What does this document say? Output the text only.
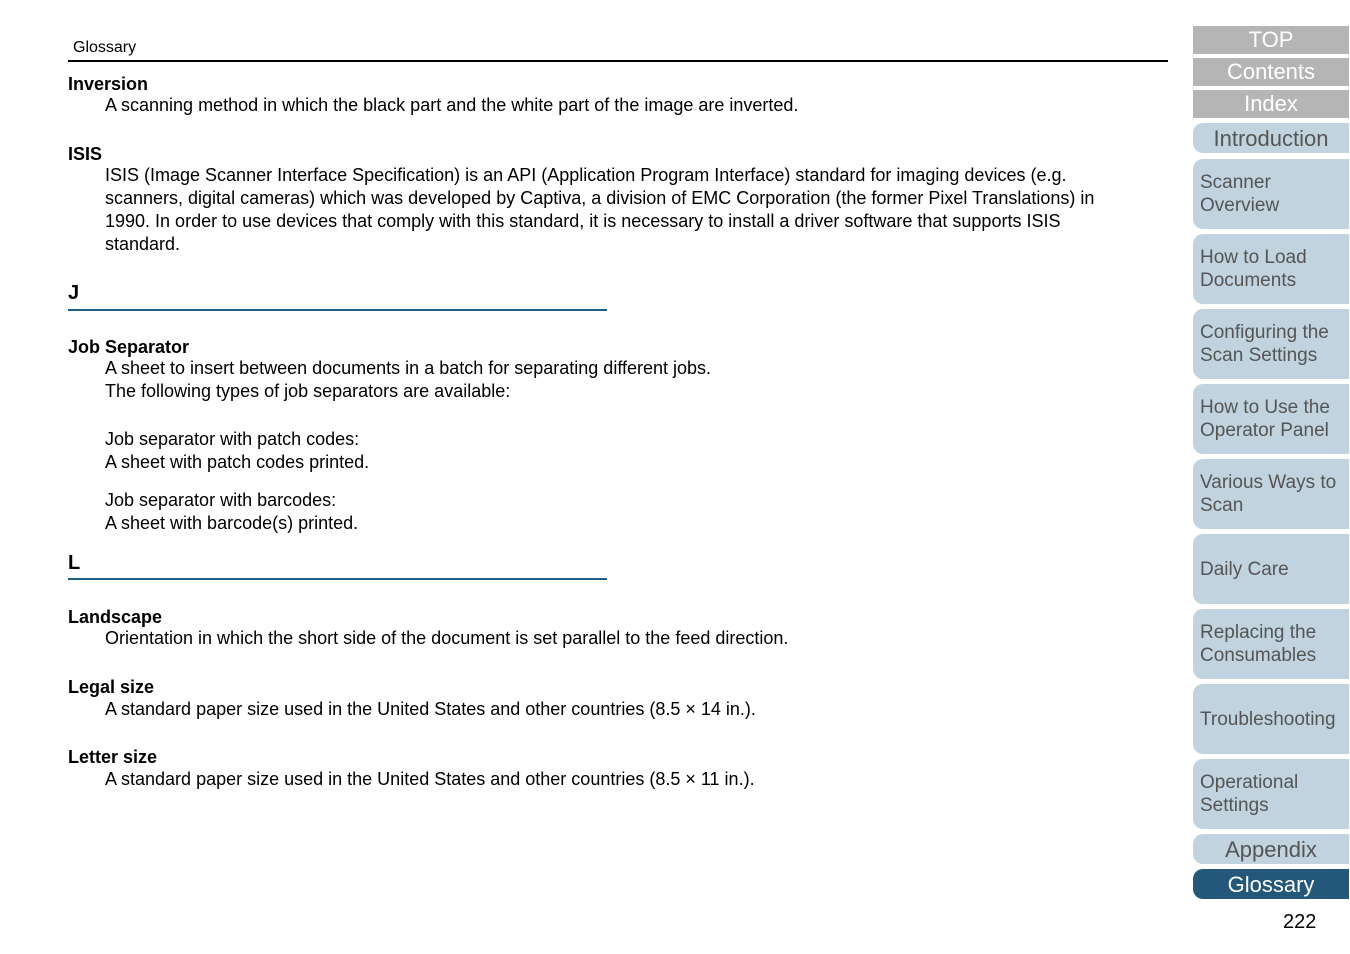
Glossary
Inversion
A scanning method in which the black part and the white part of the image are inverted.
ISIS
ISIS (Image Scanner Interface Specification) is an API (Application Program Interface) standard for imaging devices (e.g.
scanners, digital cameras) which was developed by Captiva, a division of EMC Corporation (the former Pixel Translations) in
1990. In order to use devices that comply with this standard, it is necessary to install a driver software that supports ISIS
standard.
J
Job Separator
A sheet to insert between documents in a batch for separating different jobs.
The following types of job separators are available:
Job separator with patch codes:
A sheet with patch codes printed.
Job separator with barcodes:
A sheet with barcode(s) printed.
L
Landscape
Orientation in which the short side of the document is set parallel to the feed direction.
Legal size
A standard paper size used in the United States and other countries (8.5 × 14 in.).
Letter size
A standard paper size used in the United States and other countries (8.5 × 11 in.).
TOP
Contents
Index
Introduction
Scanner
Overview
How to Load
Documents
Configuring the
Scan Settings
How to Use the
Operator Panel
Various Ways to
Scan
Daily Care
Replacing the
Consumables
Troubleshooting
Operational
Settings
Appendix
Glossary
222
